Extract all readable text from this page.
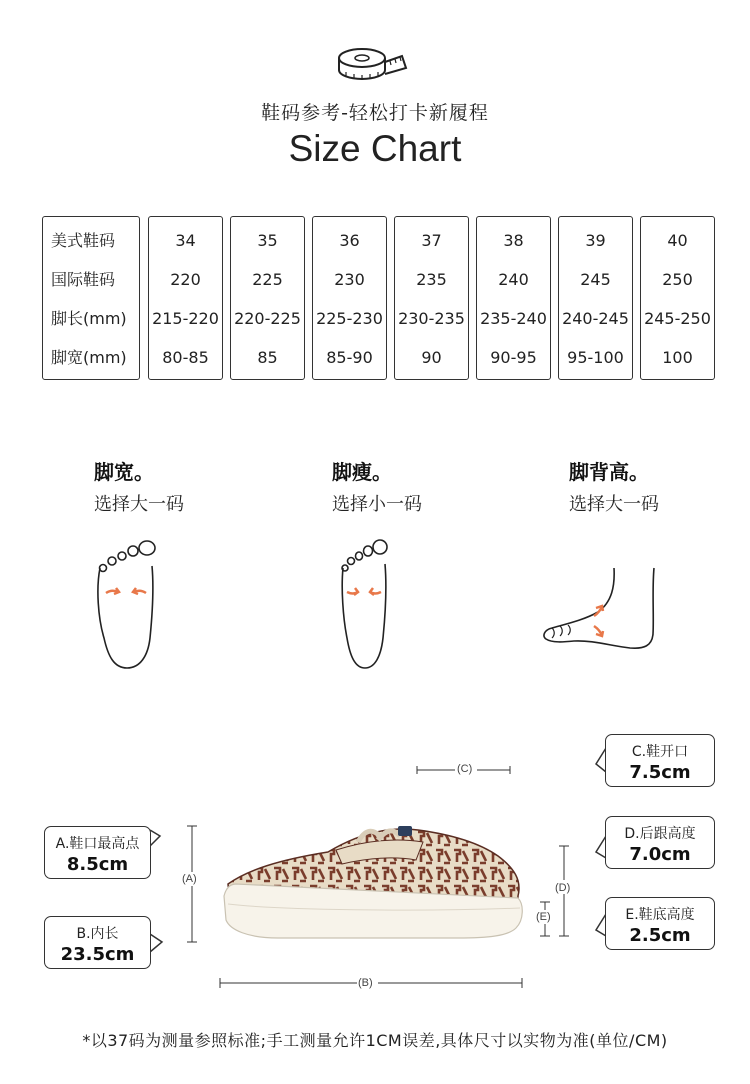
鞋码参考-轻松打卡新履程
Size Chart
美式鞋码
国际鞋码
脚长(mm)
脚宽(mm)
34
220
215-220
80-85
35
225
220-225
85
36
230
225-230
85-90
37
235
230-235
90
38
240
235-240
90-95
39
245
240-245
95-100
40
250
245-250
100
脚宽。
选择大一码
脚瘦。
选择小一码
脚背高。
选择大一码
(C)
(A)
(B)
(D)
(E)
A.鞋口最高点
8.5cm
B.内长
23.5cm
C.鞋开口
7.5cm
D.后跟高度
7.0cm
E.鞋底高度
2.5cm
*以37码为测量参照标准;手工测量允许1CM误差,具体尺寸以实物为准(单位/CM)
